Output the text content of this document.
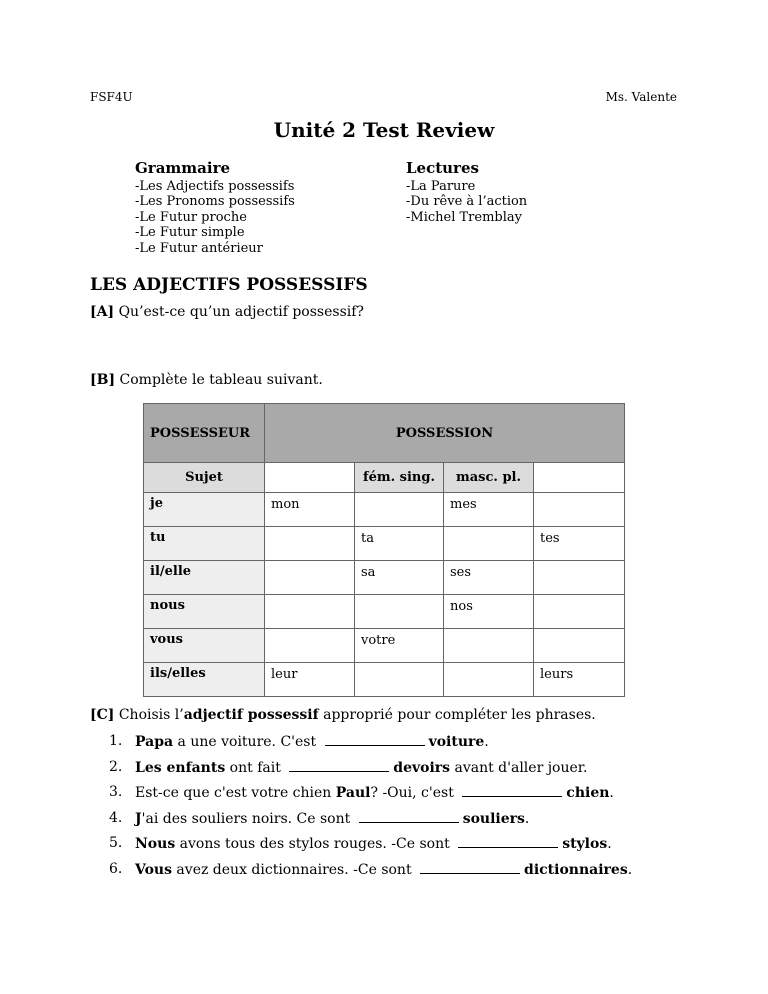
FSF4U	Ms. Valente
Unité 2 Test Review
Grammaire
-Les Adjectifs possessifs
-Les Pronoms possessifs
-Le Futur proche
-Le Futur simple
-Le Futur antérieur
Lectures
-La Parure
-Du rêve à l’action
-Michel Tremblay
LES ADJECTIFS POSSESSIFS
[A] Qu’est-ce qu’un adjectif possessif?
[B] Complète le tableau suivant.
POSSESSEUR	POSSESSION			
Sujet		fém. sing.	masc. pl.	
je	mon		mes	
tu		ta		tes
il/elle		sa	ses	
nous			nos	
vous		votre		
ils/elles	leur			leurs
[C] Choisis l’adjectif possessif approprié pour compléter les phrases.
1. Papa a une voiture. C'est	voiture.
2. Les enfants ont fait	devoirs avant d'aller jouer.
3. Est-ce que c'est votre chien Paul? -Oui, c'est	chien.
4. J'ai des souliers noirs. Ce sont	souliers.
5. Nous avons tous des stylos rouges. -Ce sont	stylos.
6. Vous avez deux dictionnaires. -Ce sont	dictionnaires.
